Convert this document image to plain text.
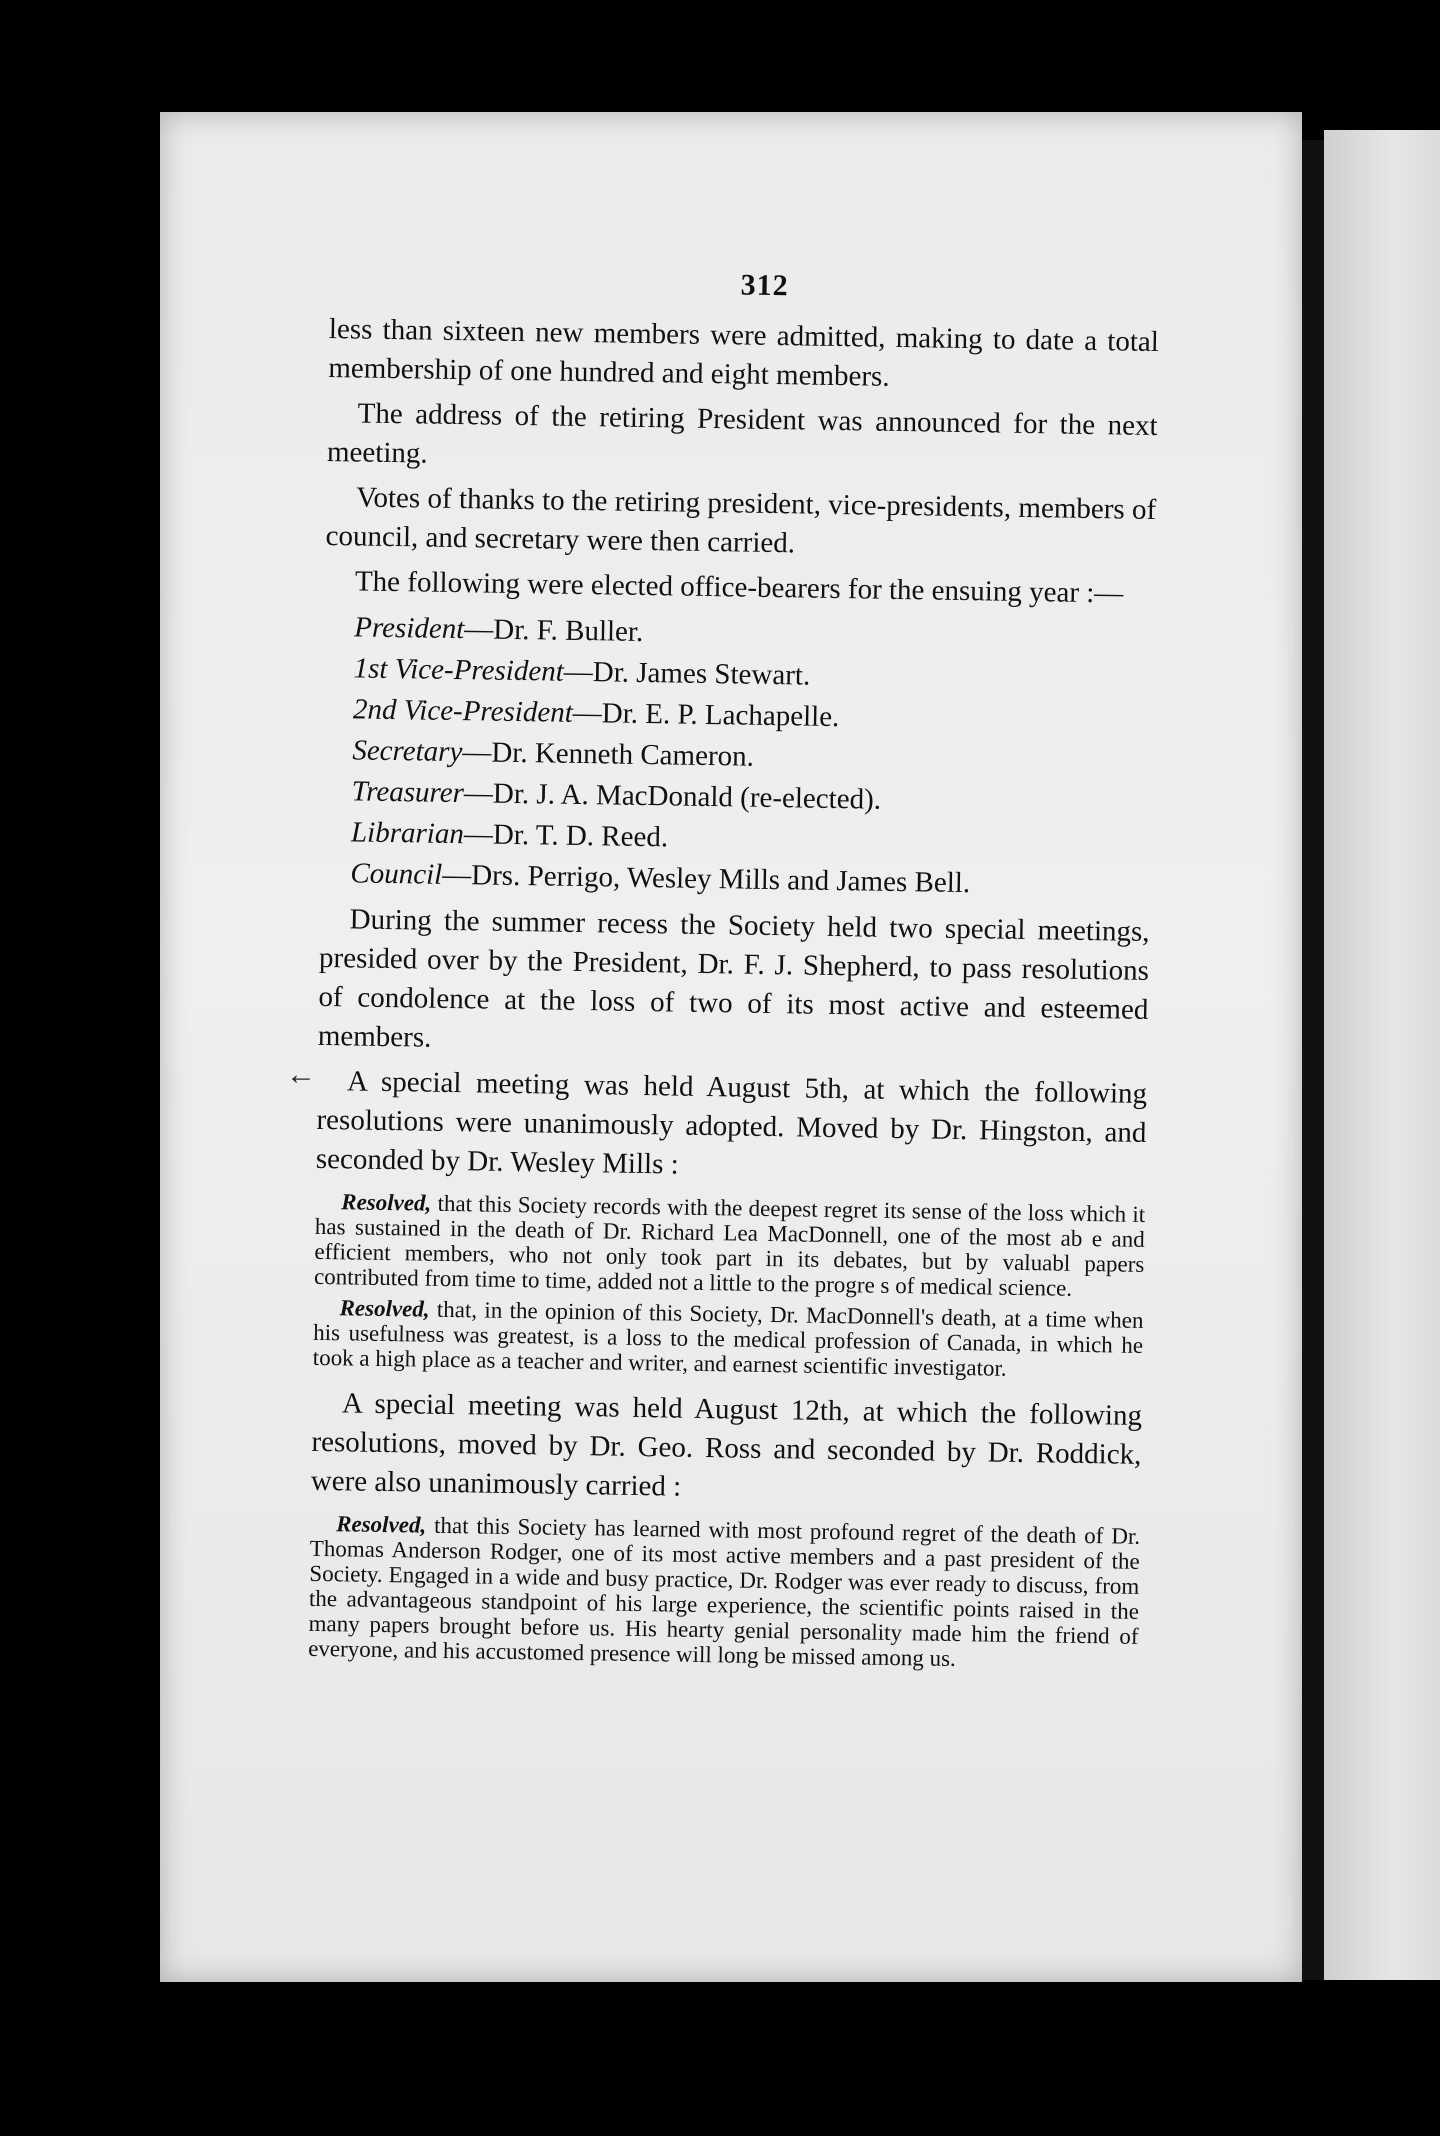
←
312

less than sixteen new members were admitted, making to date a total membership of one hundred and eight members.

The address of the retiring President was announced for the next meeting.

Votes of thanks to the retiring president, vice-presidents, members of council, and secretary were then carried.

The following were elected office-bearers for the ensuing year :—

President—Dr. F. Buller.
1st Vice-President—Dr. James Stewart.
2nd Vice-President—Dr. E. P. Lachapelle.
Secretary—Dr. Kenneth Cameron.
Treasurer—Dr. J. A. MacDonald (re-elected).
Librarian—Dr. T. D. Reed.
Council—Drs. Perrigo, Wesley Mills and James Bell.

During the summer recess the Society held two special meetings, presided over by the President, Dr. F. J. Shepherd, to pass resolutions of condolence at the loss of two of its most active and esteemed members.

A special meeting was held August 5th, at which the following resolutions were unanimously adopted. Moved by Dr. Hingston, and seconded by Dr. Wesley Mills :

Resolved, that this Society records with the deepest regret its sense of the loss which it has sustained in the death of Dr. Richard Lea MacDonnell, one of the most ab e and efficient members, who not only took part in its debates, but by valuabl papers contributed from time to time, added not a little to the progre s of medical science.

Resolved, that, in the opinion of this Society, Dr. MacDonnell's death, at a time when his usefulness was greatest, is a loss to the medical profession of Canada, in which he took a high place as a teacher and writer, and earnest scientific investigator.

A special meeting was held August 12th, at which the following resolutions, moved by Dr. Geo. Ross and seconded by Dr. Roddick, were also unanimously carried :

Resolved, that this Society has learned with most profound regret of the death of Dr. Thomas Anderson Rodger, one of its most active members and a past president of the Society. Engaged in a wide and busy practice, Dr. Rodger was ever ready to discuss, from the advantageous standpoint of his large experience, the scientific points raised in the many papers brought before us. His hearty genial personality made him the friend of everyone, and his accustomed presence will long be missed among us.
